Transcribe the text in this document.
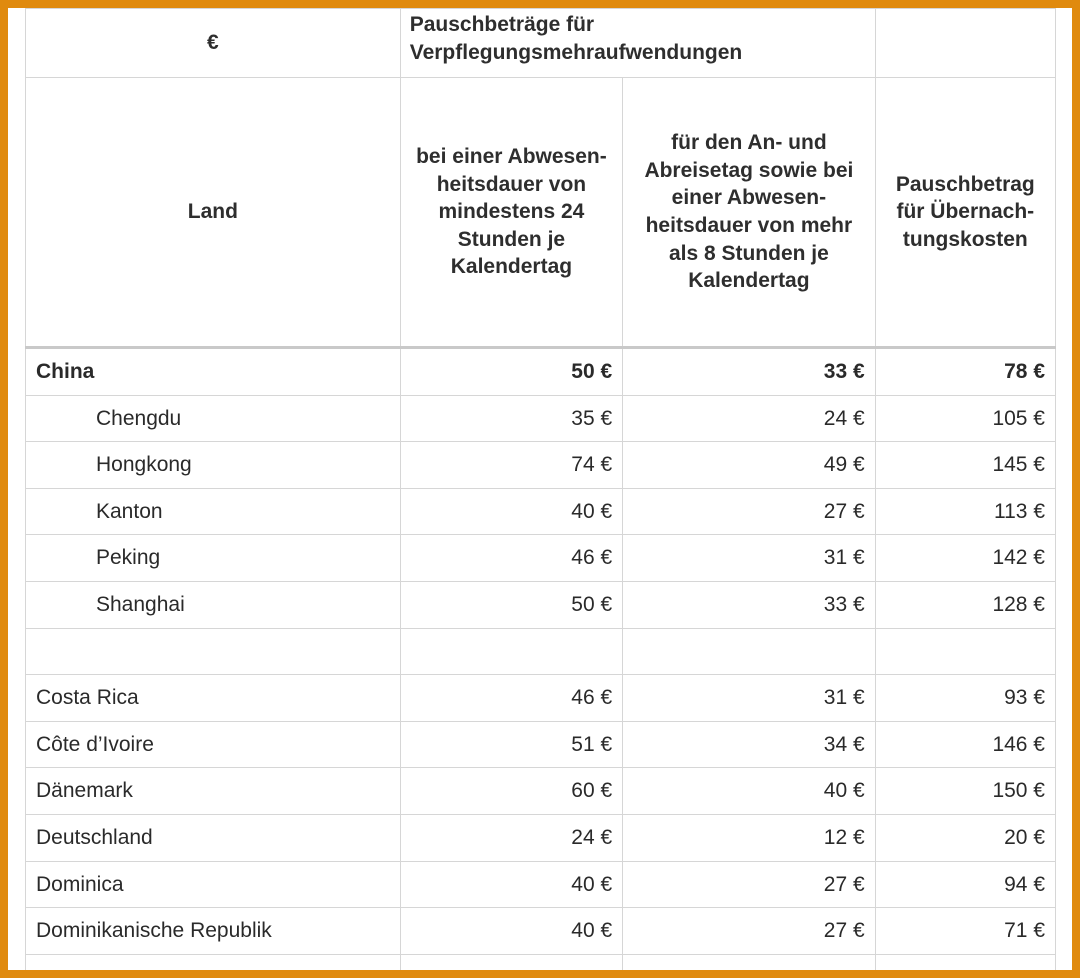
€	Pauschbeträge für Verpflegungsmehraufwendungen		
Land	bei einer Abwesen- heitsdauer von mindestens 24 Stunden je Kalendertag	für den An- und Abreisetag sowie bei einer Abwesen- heitsdauer von mehr als 8 Stunden je Kalendertag	Pauschbetrag für Übernach- tungskosten
China	50 €	33 €	78 €
Chengdu	35 €	24 €	105 €
Hongkong	74 €	49 €	145 €
Kanton	40 €	27 €	113 €
Peking	46 €	31 €	142 €
Shanghai	50 €	33 €	128 €

Costa Rica	46 €	31 €	93 €
Côte d’Ivoire	51 €	34 €	146 €
Dänemark	60 €	40 €	150 €
Deutschland	24 €	12 €	20 €
Dominica	40 €	27 €	94 €
Dominikanische Republik	40 €	27 €	71 €
